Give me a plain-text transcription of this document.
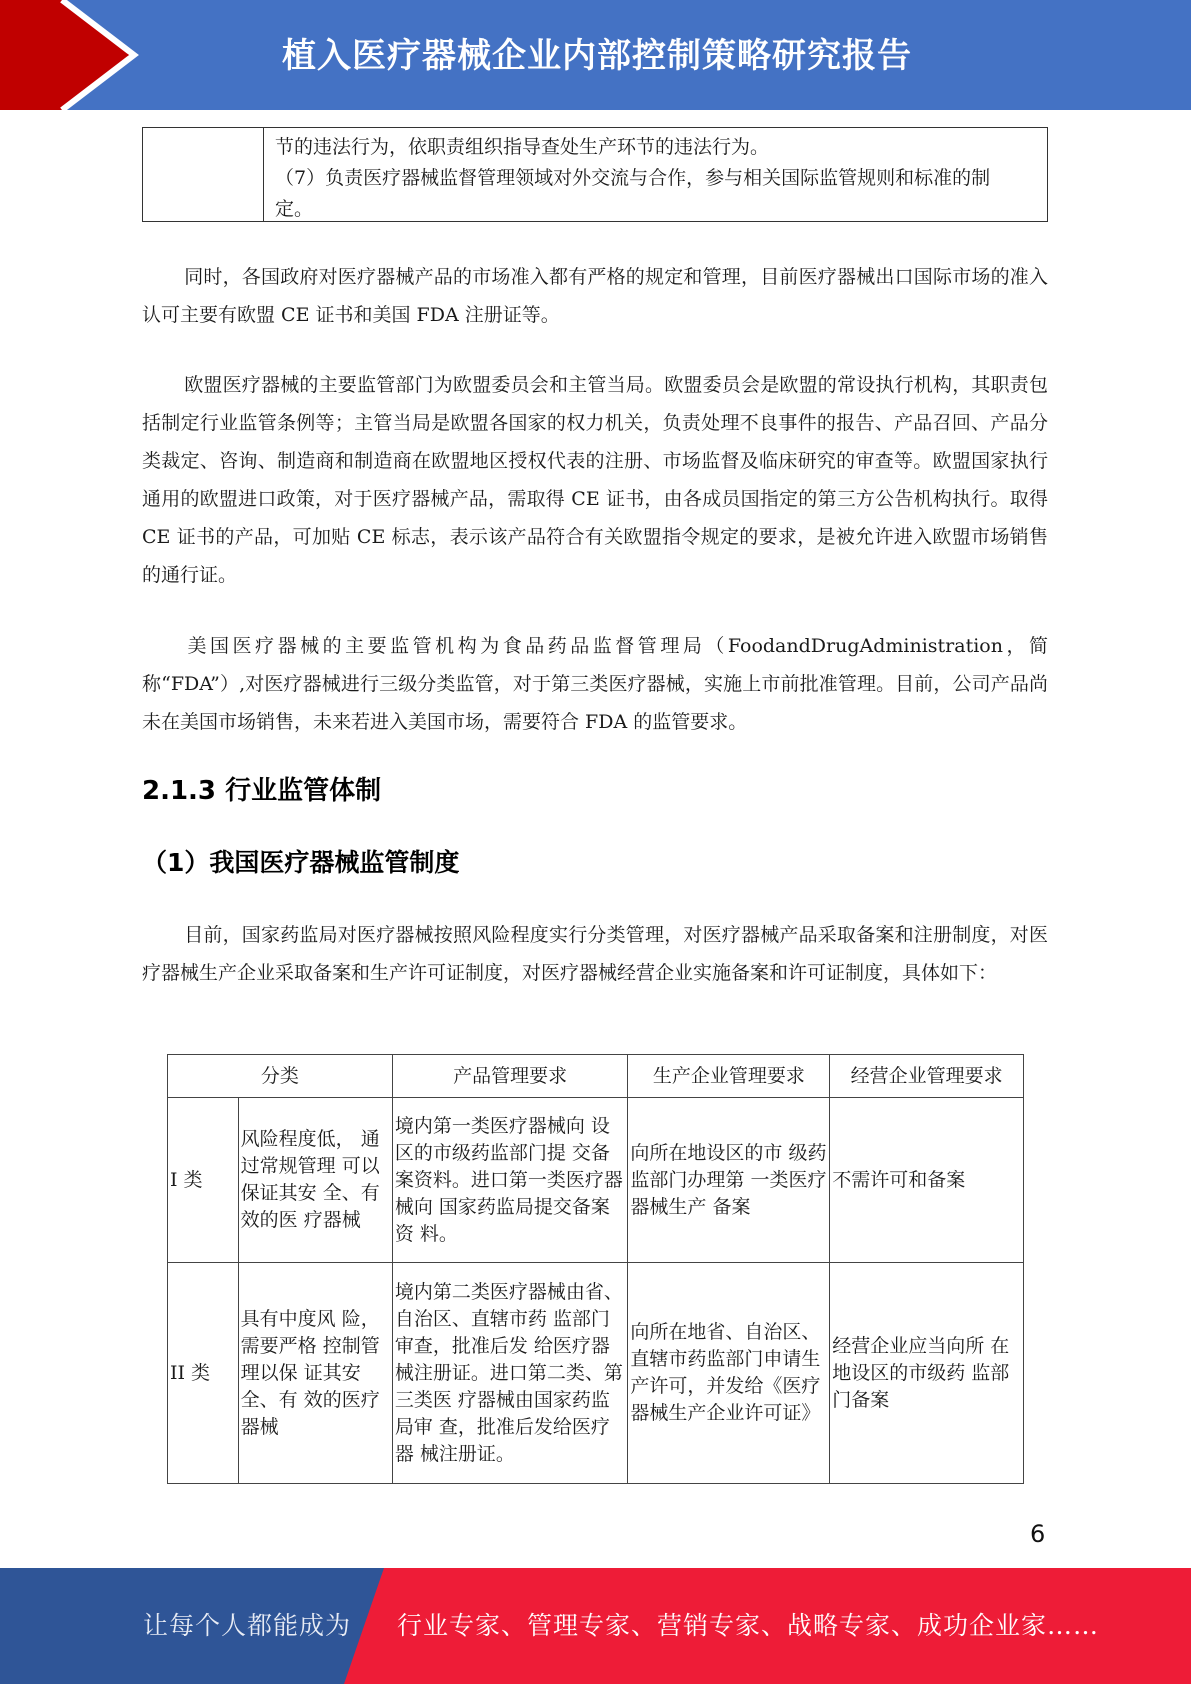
植入医疗器械企业内部控制策略研究报告
节的违法行为，依职责组织指导查处生产环节的违法行为。
（7）负责医疗器械监督管理领域对外交流与合作，参与相关国际监管规则和标准的制定。
同时，各国政府对医疗器械产品的市场准入都有严格的规定和管理，目前医疗器械出口国际市场的准入认可主要有欧盟 CE 证书和美国 FDA 注册证等。
欧盟医疗器械的主要监管部门为欧盟委员会和主管当局。欧盟委员会是欧盟的常设执行机构，其职责包括制定行业监管条例等；主管当局是欧盟各国家的权力机关，负责处理不良事件的报告、产品召回、产品分类裁定、咨询、制造商和制造商在欧盟地区授权代表的注册、市场监督及临床研究的审查等。欧盟国家执行通用的欧盟进口政策，对于医疗器械产品，需取得 CE 证书，由各成员国指定的第三方公告机构执行。取得 CE 证书的产品，可加贴 CE 标志，表示该产品符合有关欧盟指令规定的要求，是被允许进入欧盟市场销售的通行证。
美国医疗器械的主要监管机构为食品药品监督管理局（FoodandDrugAdministration，简称“FDA”）,对医疗器械进行三级分类监管，对于第三类医疗器械，实施上市前批准管理。目前，公司产品尚未在美国市场销售，未来若进入美国市场，需要符合 FDA 的监管要求。
2.1.3 行业监管体制
（1）我国医疗器械监管制度
目前，国家药监局对医疗器械按照风险程度实行分类管理，对医疗器械产品采取备案和注册制度，对医疗器械生产企业采取备案和生产许可证制度，对医疗器械经营企业实施备案和许可证制度，具体如下：
分类		产品管理要求	生产企业管理要求	经营企业管理要求
I 类	风险程度低， 通过常规管理 可以保证其安 全、有效的医 疗器械	境内第一类医疗器械向 设区的市级药监部门提 交备案资料。进口第一类医疗器械向 国家药监局提交备案资 料。	向所在地设区的市 级药监部门办理第 一类医疗器械生产 备案	不需许可和备案
II 类	具有中度风 险，需要严格 控制管理以保 证其安全、有 效的医疗器械	境内第二类医疗器械由省、自治区、直辖市药 监部门审查，批准后发 给医疗器械注册证。进口第二类、第三类医 疗器械由国家药监局审 查，批准后发给医疗器 械注册证。	向所在地省、自治区、直辖市药监部门申请生产许可，并发给《医疗器械生产企业许可证》	经营企业应当向所 在地设区的市级药 监部门备案
6
让每个人都能成为 行业专家、管理专家、营销专家、战略专家、成功企业家……
